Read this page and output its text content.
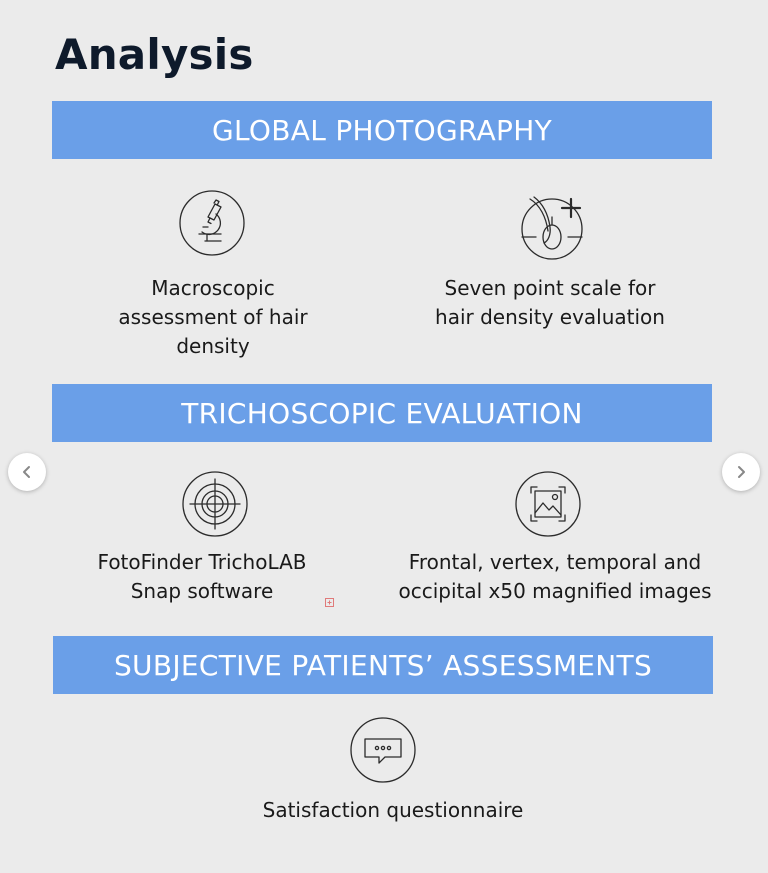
Analysis
GLOBAL PHOTOGRAPHY
Macroscopic assessment of hair density
Seven point scale for hair density evaluation
TRICHOSCOPIC EVALUATION
FotoFinder TrichoLAB Snap software
Frontal, vertex, temporal and occipital x50 magnified images
SUBJECTIVE PATIENTS’ ASSESSMENTS
Satisfaction questionnaire
